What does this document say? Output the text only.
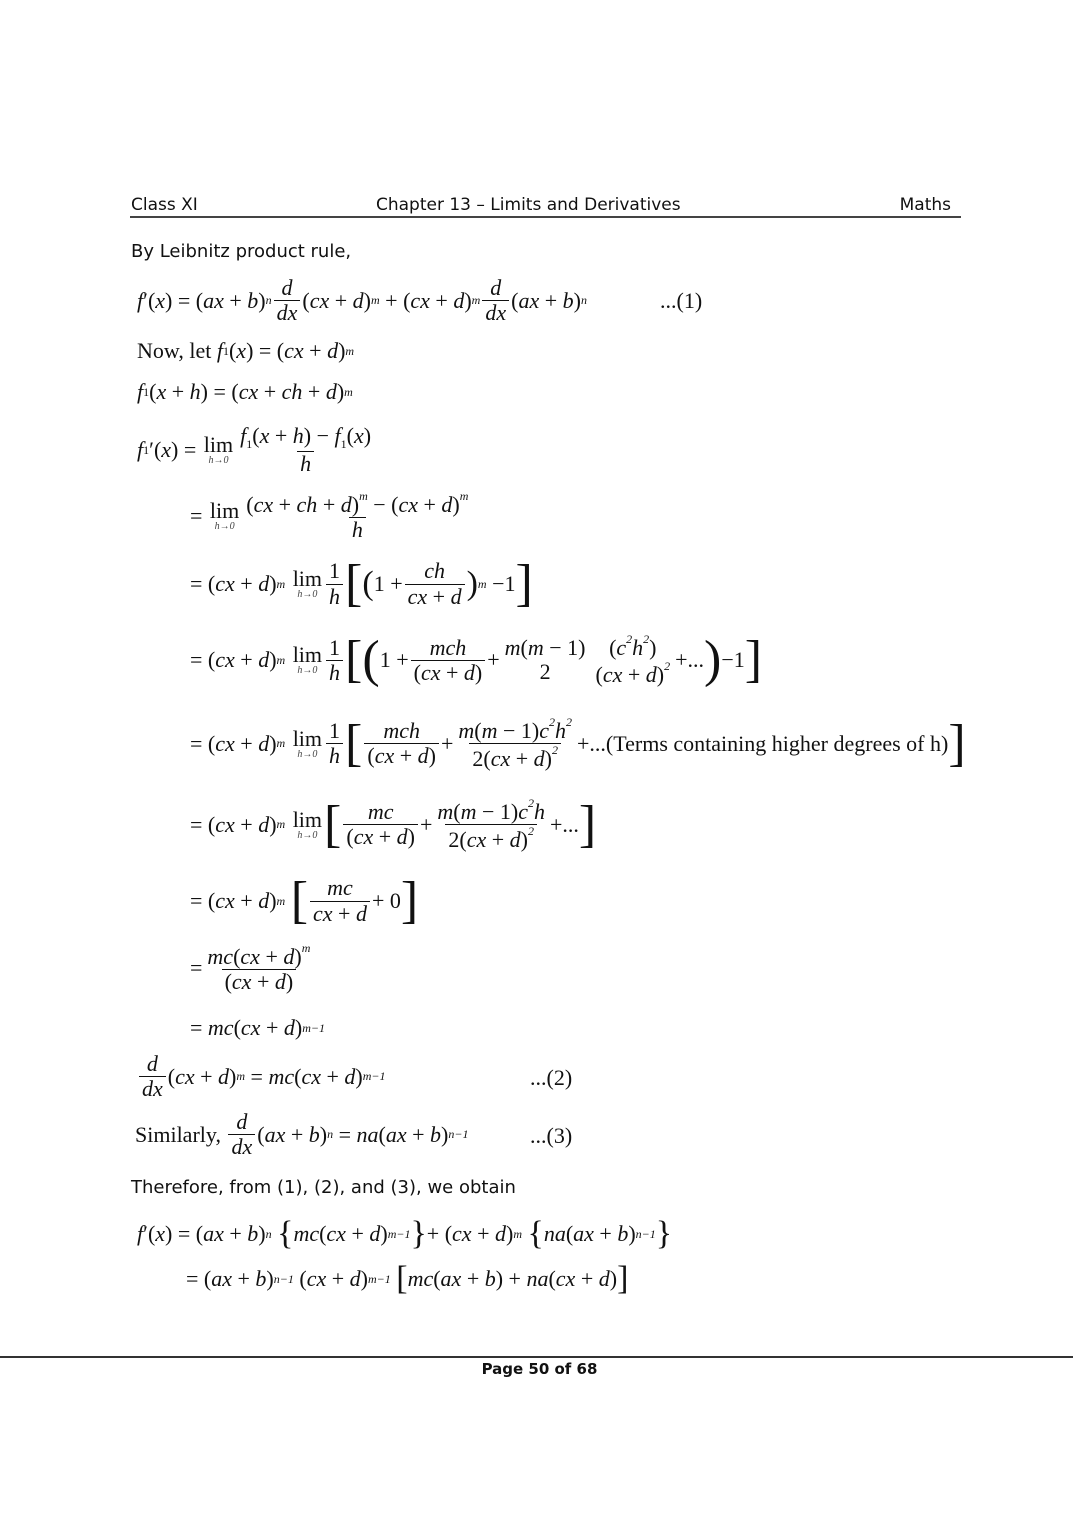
Class XI	Chapter 13 – Limits and Derivatives	Maths
By Leibnitz product rule,
f ′( x ) = ( ax + b ) n $\frac{d}{dx}$ ( cx + d ) m + ( cx + d ) m $\frac{d}{dx}$ ( ax + b ) n	...(1)
Now, let
f 1 ( x ) = ( cx + d ) m
f 1 ( x + h ) = ( cx + ch + d ) m
f 1 ′( x ) = lim
$h\to 0 \frac{f_1(x + h) - f_1(x)}{h}$
= lim
$h\to 0 \frac{(cx + ch + d)^m - (cx + d)^m}{h}$
= ( cx + d ) m
lim
$h\to 0 \frac{1}{h}$ [ ( $1 + \frac{ch}{cx + d}$ ) m −1 ]
= ( cx + d ) m
lim
$h\to 0 \frac{1}{h}$ [ ( $1 + \frac{\text{mch}}{(cx + d)} + m(m - 1)$
2
$(c^2h^2)$
(cx + d)$^2$ +... ) −1 ]
= ( cx + d ) m
lim
$h\to 0 \frac{1}{h}$ [ $\frac{\text{mch}}{(cx + d)} + \frac{m(m - 1)c^2h^2}{2(cx + d)^2}$ +... (Terms containing higher degrees of h) ]
= ( cx + d ) m
lim
h→0 [ $\frac{mc}{(cx + d)} + \frac{m(m - 1)c^2h}{2(cx + d)^2}$ +... ]
= ( cx + d ) m
[ $\frac{mc}{cx + d} + 0$ ]
= $\frac{mc(cx + d)^m}{(cx + d)}$
= mc ( cx + d ) m−1
$\frac{d}{dx}$ ( cx + d ) m = mc ( cx + d ) m−1	...(2)
Similarly,
$\frac{d}{dx}$ ( ax + b ) n = na ( ax + b ) n−1	...(3)
Therefore, from (1), (2), and (3), we obtain
f ′( x ) = ( ax + b ) n
{ mc ( cx + d ) m−1 } + ( cx + d ) m
{ na ( ax + b ) n−1 }
= ( ax + b ) n−1 ( cx + d ) m−1
[ mc ( ax + b ) + na ( cx + d ) ]
Page 50 of 68
